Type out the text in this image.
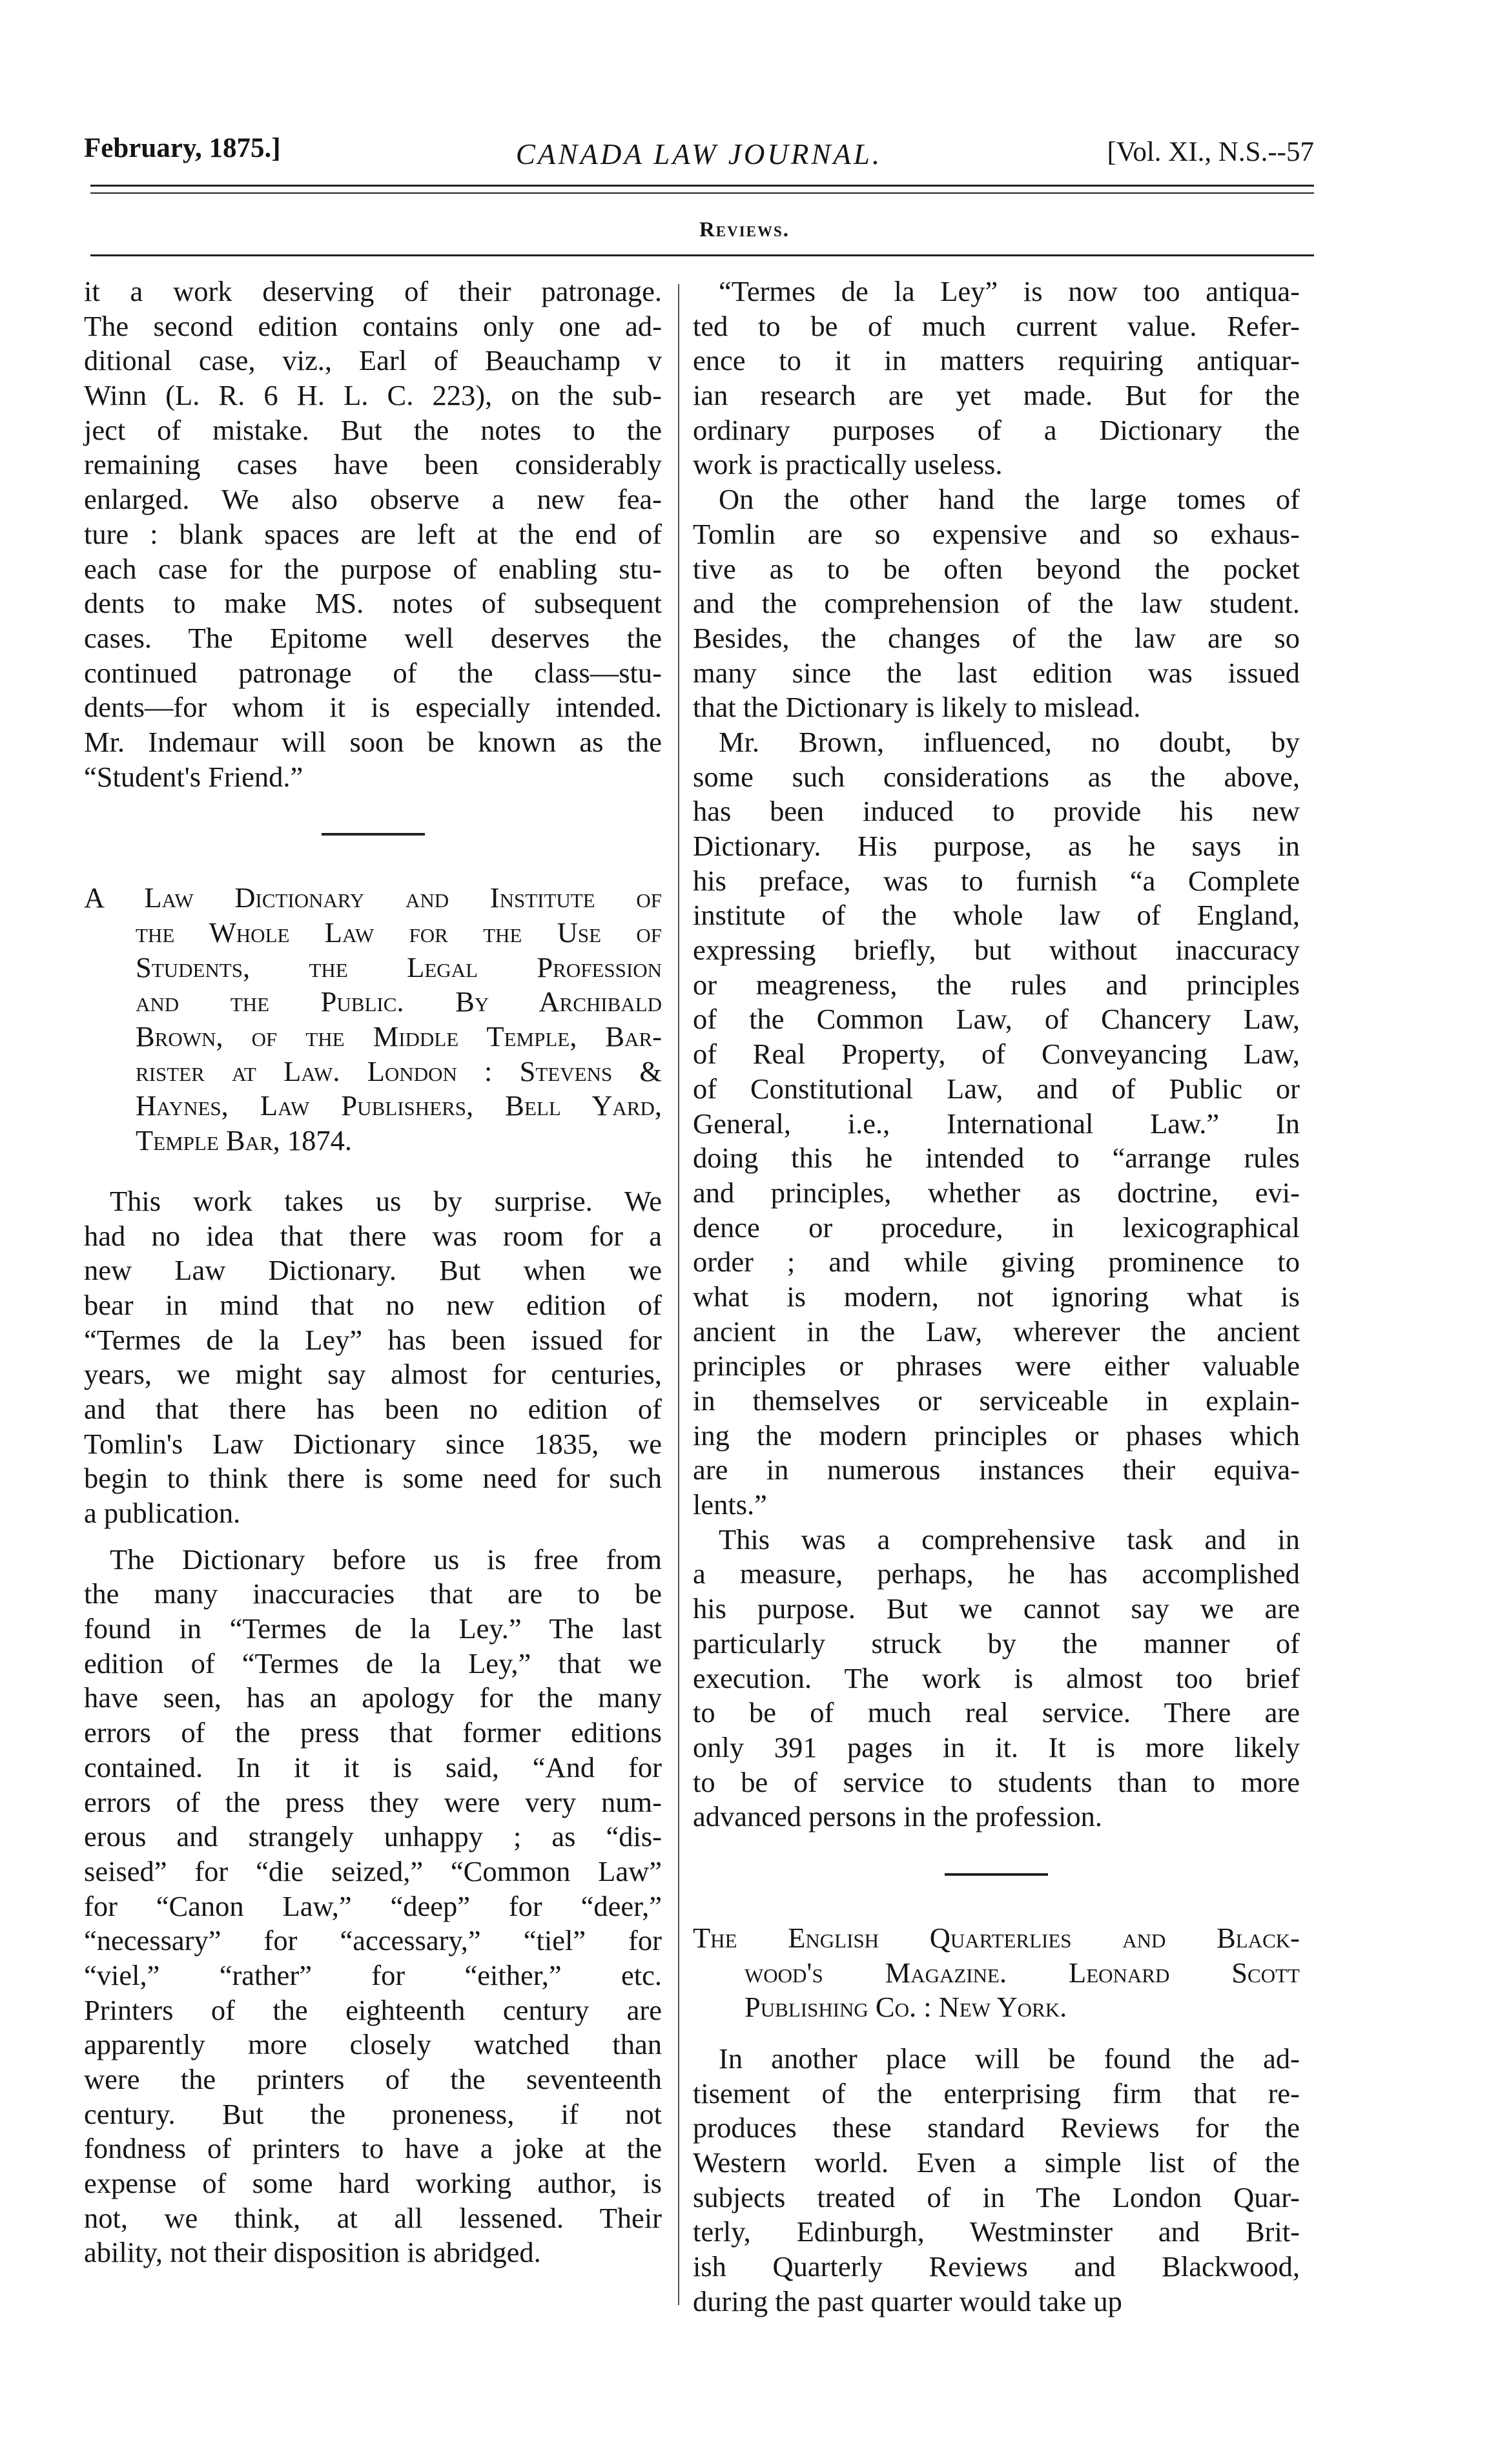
February, 1875.]	CANADA LAW JOURNAL.	[Vol. XI., N.S.--57
Reviews.
it a work deserving of their patronage.
The second edition contains only one ad-
ditional case, viz., Earl of Beauchamp v
Winn (L. R. 6 H. L. C. 223), on the sub-
ject of mistake. But the notes to the
remaining cases have been considerably
enlarged. We also observe a new fea-
ture : blank spaces are left at the end of
each case for the purpose of enabling stu-
dents to make MS. notes of subsequent
cases. The Epitome well deserves the
continued patronage of the class—stu-
dents—for whom it is especially intended.
Mr. Indemaur will soon be known as the
“Student's Friend.”
A Law Dictionary and Institute of
the Whole Law for the Use of
Students, the Legal Profession
and the Public. By Archibald
Brown, of the Middle Temple, Bar-
rister at Law. London : Stevens &
Haynes, Law Publishers, Bell Yard,
Temple Bar, 1874.
This work takes us by surprise. We
had no idea that there was room for a
new Law Dictionary. But when we
bear in mind that no new edition of
“Termes de la Ley” has been issued for
years, we might say almost for centuries,
and that there has been no edition of
Tomlin's Law Dictionary since 1835, we
begin to think there is some need for such
a publication.
The Dictionary before us is free from
the many inaccuracies that are to be
found in “Termes de la Ley.” The last
edition of “Termes de la Ley,” that we
have seen, has an apology for the many
errors of the press that former editions
contained. In it it is said, “And for
errors of the press they were very num-
erous and strangely unhappy ; as “dis-
seised” for “die seized,” “Common Law”
for “Canon Law,” “deep” for “deer,”
“necessary” for “accessary,” “tiel” for
“viel,” “rather” for “either,” etc.
Printers of the eighteenth century are
apparently more closely watched than
were the printers of the seventeenth
century. But the proneness, if not
fondness of printers to have a joke at the
expense of some hard working author, is
not, we think, at all lessened. Their
ability, not their disposition is abridged.
“Termes de la Ley” is now too antiqua-
ted to be of much current value. Refer-
ence to it in matters requiring antiquar-
ian research are yet made. But for the
ordinary purposes of a Dictionary the
work is practically useless.
On the other hand the large tomes of
Tomlin are so expensive and so exhaus-
tive as to be often beyond the pocket
and the comprehension of the law student.
Besides, the changes of the law are so
many since the last edition was issued
that the Dictionary is likely to mislead.
Mr. Brown, influenced, no doubt, by
some such considerations as the above,
has been induced to provide his new
Dictionary. His purpose, as he says in
his preface, was to furnish “a Complete
institute of the whole law of England,
expressing briefly, but without inaccuracy
or meagreness, the rules and principles
of the Common Law, of Chancery Law,
of Real Property, of Conveyancing Law,
of Constitutional Law, and of Public or
General, i.e., International Law.” In
doing this he intended to “arrange rules
and principles, whether as doctrine, evi-
dence or procedure, in lexicographical
order ; and while giving prominence to
what is modern, not ignoring what is
ancient in the Law, wherever the ancient
principles or phrases were either valuable
in themselves or serviceable in explain-
ing the modern principles or phases which
are in numerous instances their equiva-
lents.”
This was a comprehensive task and in
a measure, perhaps, he has accomplished
his purpose. But we cannot say we are
particularly struck by the manner of
execution. The work is almost too brief
to be of much real service. There are
only 391 pages in it. It is more likely
to be of service to students than to more
advanced persons in the profession.
The English Quarterlies and Black-
wood's Magazine. Leonard Scott
Publishing Co. : New York.
In another place will be found the ad-
tisement of the enterprising firm that re-
produces these standard Reviews for the
Western world. Even a simple list of the
subjects treated of in The London Quar-
terly, Edinburgh, Westminster and Brit-
ish Quarterly Reviews and Blackwood,
during the past quarter would take up
